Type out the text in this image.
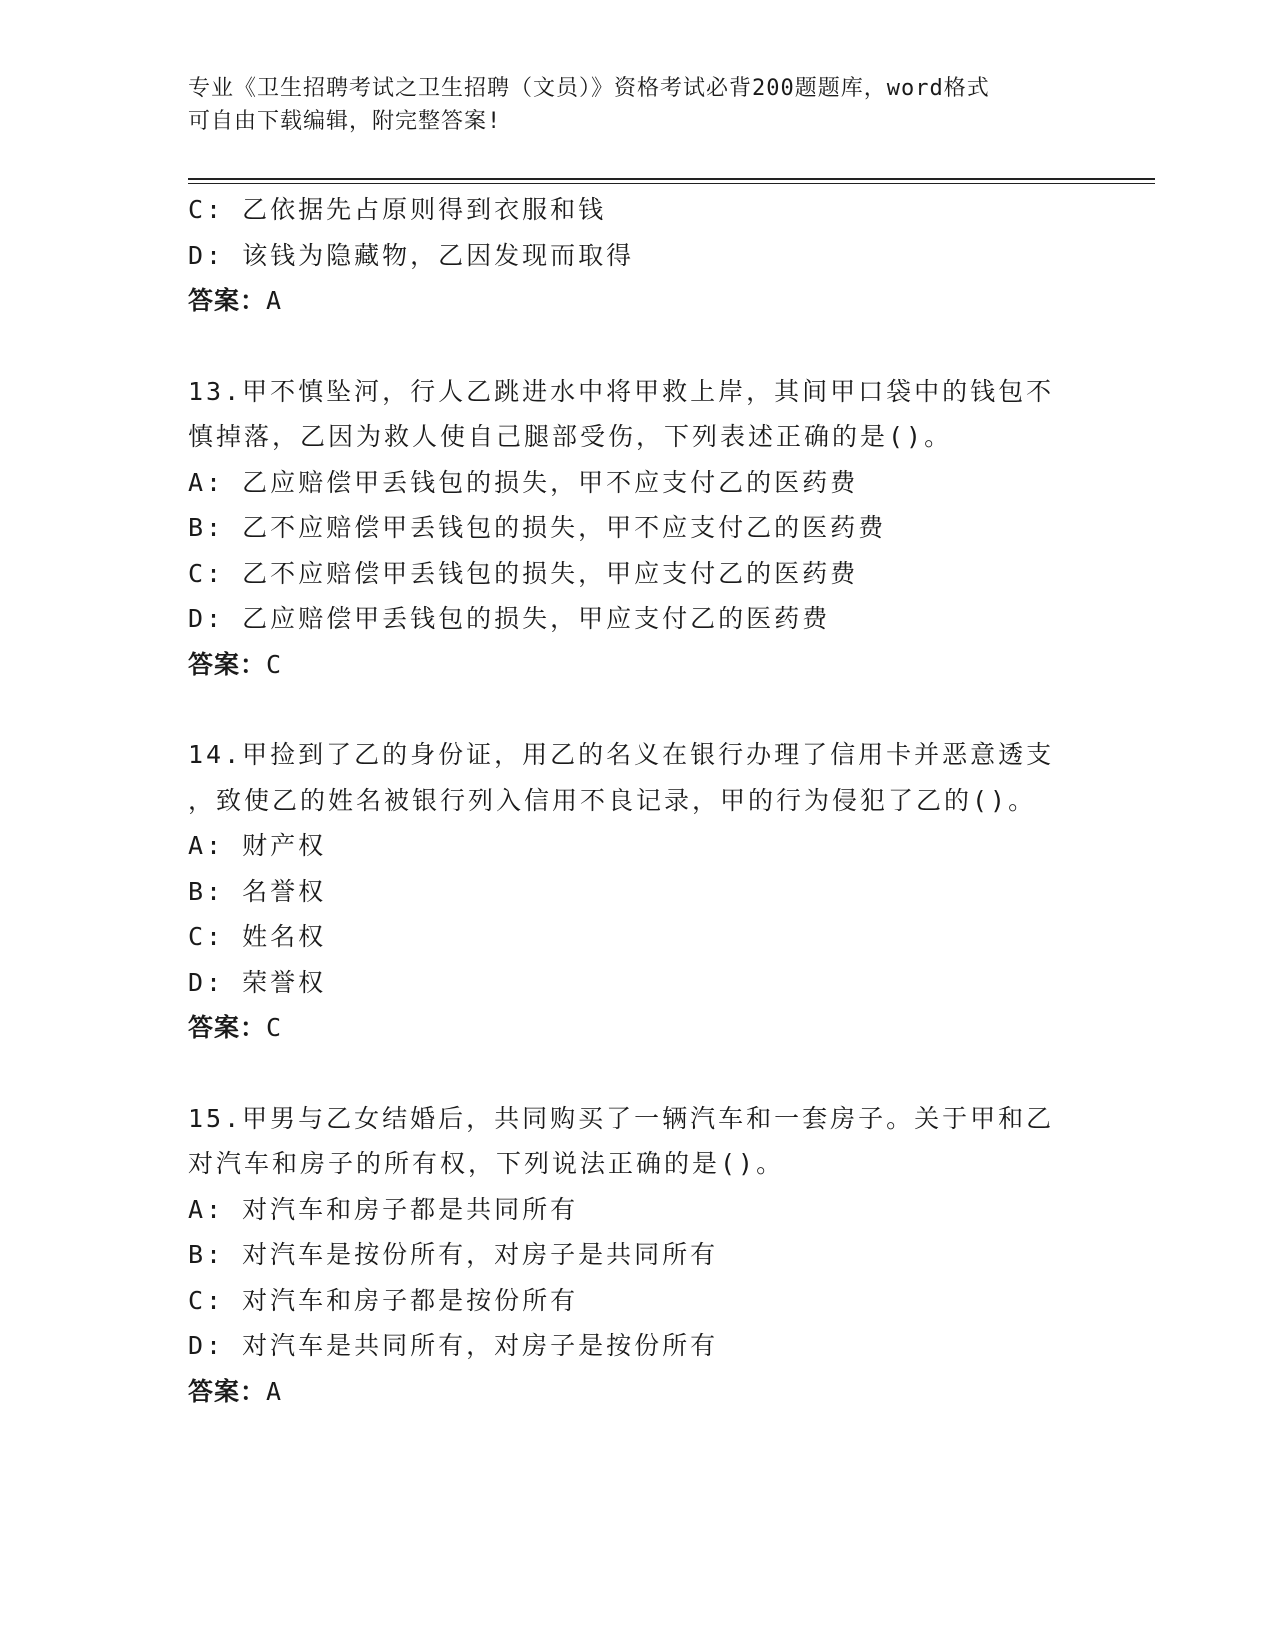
专业《卫生招聘考试之卫生招聘（文员）》资格考试必背200题题库，word格式
可自由下载编辑，附完整答案!
C: 乙依据先占原则得到衣服和钱
D: 该钱为隐藏物，乙因发现而取得
答案：A
13.甲不慎坠河，行人乙跳进水中将甲救上岸，其间甲口袋中的钱包不
慎掉落，乙因为救人使自己腿部受伤，下列表述正确的是()。
A: 乙应赔偿甲丢钱包的损失，甲不应支付乙的医药费
B: 乙不应赔偿甲丢钱包的损失，甲不应支付乙的医药费
C: 乙不应赔偿甲丢钱包的损失，甲应支付乙的医药费
D: 乙应赔偿甲丢钱包的损失，甲应支付乙的医药费
答案：C
14.甲捡到了乙的身份证，用乙的名义在银行办理了信用卡并恶意透支
，致使乙的姓名被银行列入信用不良记录，甲的行为侵犯了乙的()。
A: 财产权
B: 名誉权
C: 姓名权
D: 荣誉权
答案：C
15.甲男与乙女结婚后，共同购买了一辆汽车和一套房子。关于甲和乙
对汽车和房子的所有权，下列说法正确的是()。
A: 对汽车和房子都是共同所有
B: 对汽车是按份所有，对房子是共同所有
C: 对汽车和房子都是按份所有
D: 对汽车是共同所有，对房子是按份所有
答案：A
